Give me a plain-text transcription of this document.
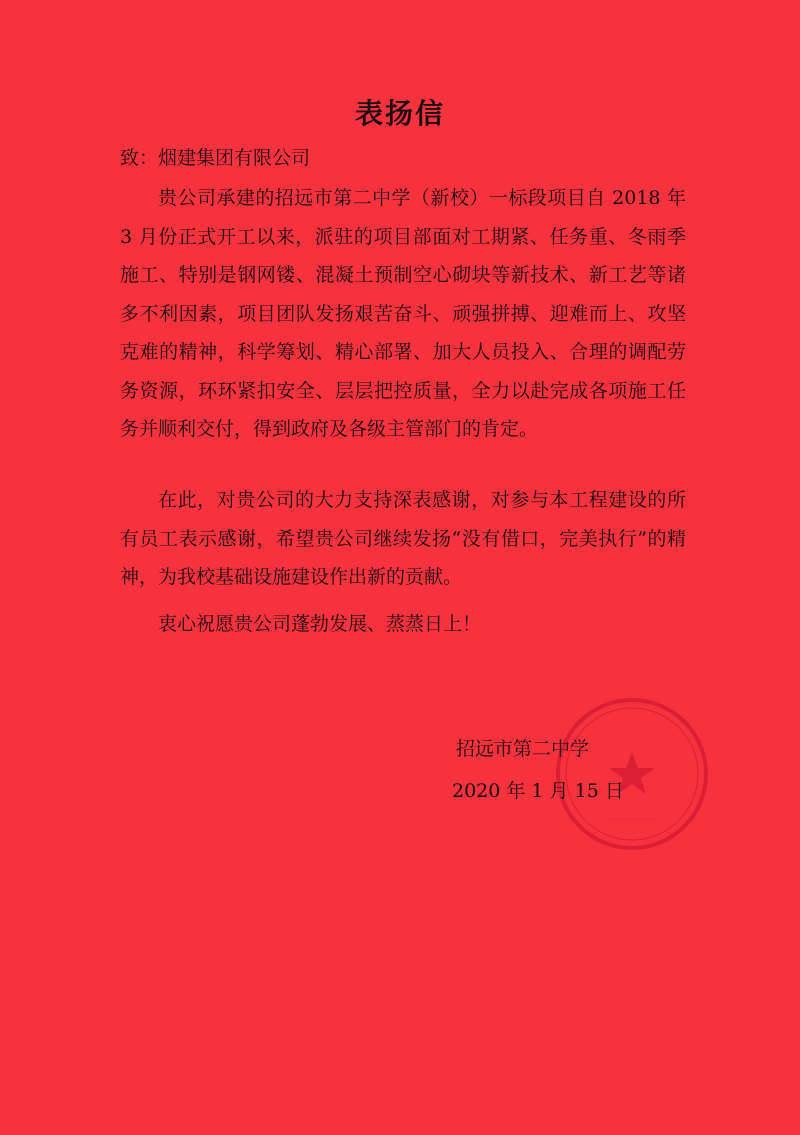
表扬信
致：烟建集团有限公司

贵公司承建的招远市第二中学（新校）一标段项目自 2018 年 3 月份正式开工以来，派驻的项目部面对工期紧、任务重、冬雨季施工、特别是钢网镂、混凝土预制空心砌块等新技术、新工艺等诸多不利因素，项目团队发扬艰苦奋斗、顽强拼搏、迎难而上、攻坚克难的精神，科学筹划、精心部署、加大人员投入、合理的调配劳务资源，环环紧扣安全、层层把控质量，全力以赴完成各项施工任务并顺利交付，得到政府及各级主管部门的肯定。

在此，对贵公司的大力支持深表感谢，对参与本工程建设的所有员工表示感谢，希望贵公司继续发扬“没有借口，完美执行”的精神，为我校基础设施建设作出新的贡献。

衷心祝愿贵公司蓬勃发展、蒸蒸日上！

·················
招远市第二中学
2020 年 1 月 15 日
